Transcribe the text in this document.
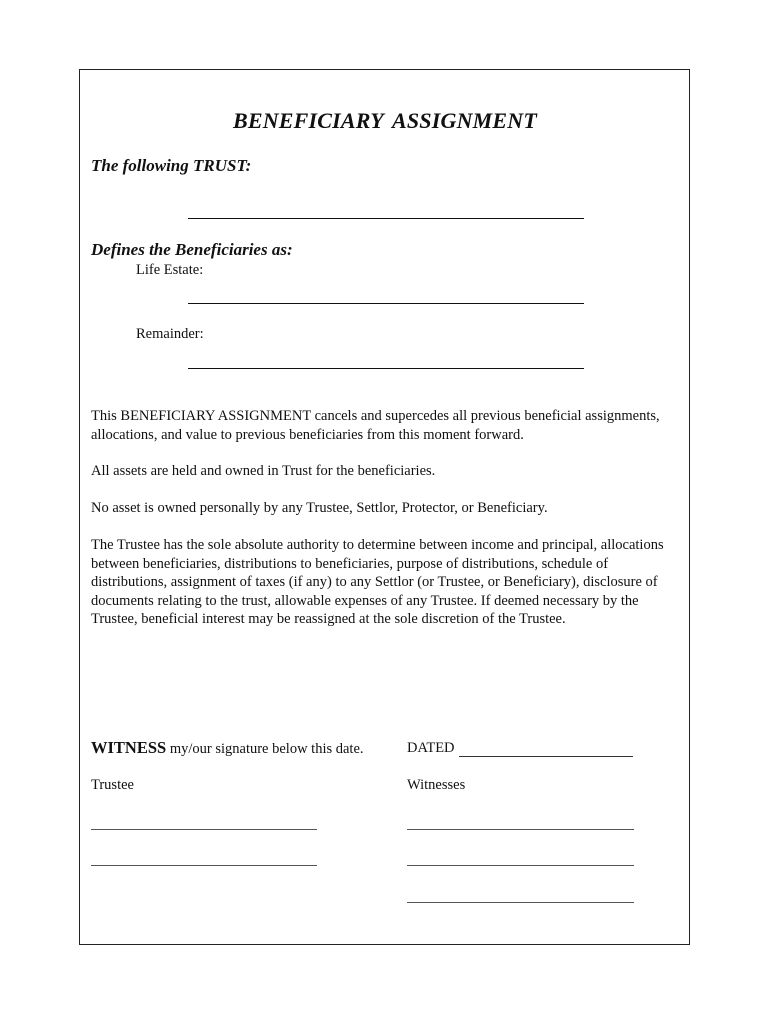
BENEFICIARY ASSIGNMENT
The following TRUST:
Defines the Beneficiaries as:
Life Estate:
Remainder:
This BENEFICIARY ASSIGNMENT cancels and supercedes all previous beneficial assignments, allocations, and value to previous beneficiaries from this moment forward.
All assets are held and owned in Trust for the beneficiaries.
No asset is owned personally by any Trustee, Settlor, Protector, or Beneficiary.
The Trustee has the sole absolute authority to determine between income and principal, allocations between beneficiaries, distributions to beneficiaries, purpose of distributions, schedule of distributions, assignment of taxes (if any) to any Settlor (or Trustee, or Beneficiary), disclosure of documents relating to the trust, allowable expenses of any Trustee. If deemed necessary by the Trustee, beneficial interest may be reassigned at the sole discretion of the Trustee.
WITNESS my/our signature below this date.	DATED
Trustee	Witnesses
